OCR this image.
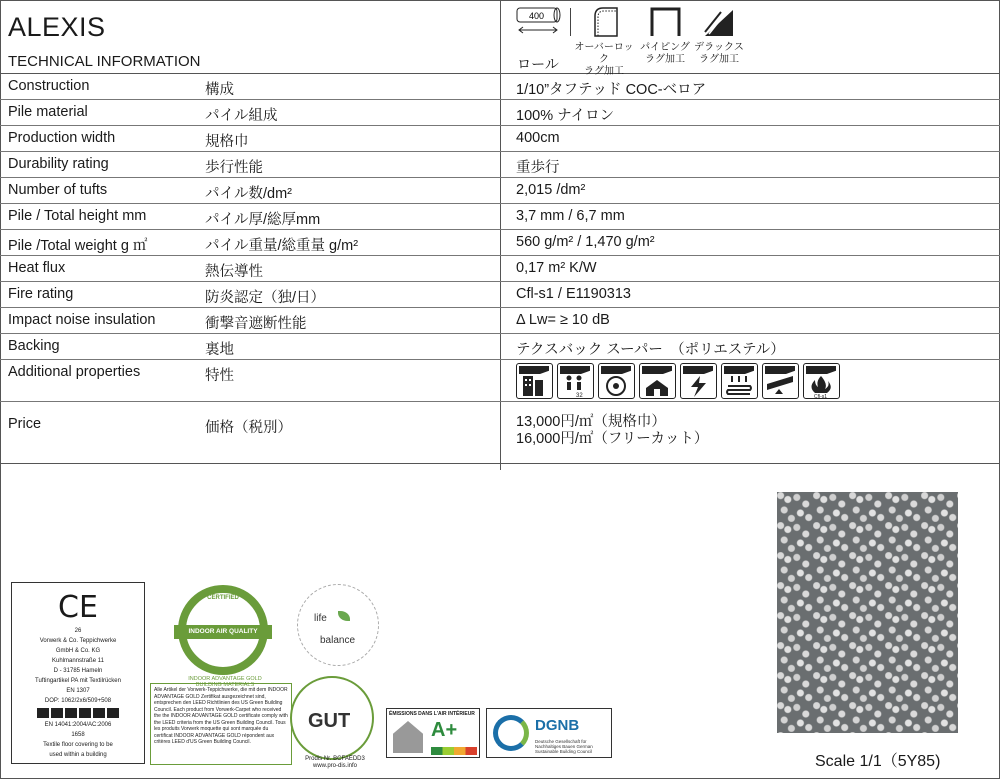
ALEXIS
TECHNICAL INFORMATION
400
ロール
オーバーロック
ラグ加工
パイピング
ラグ加工
デラックス
ラグ加工
Construction	構成	1/10”タフテッド COC-ベロア
Pile material	パイル組成	100% ナイロン
Production width	規格巾	400cm
Durability rating	歩行性能	重歩行
Number of tufts	パイル数/dm²	2,015 /dm²
Pile / Total height mm	パイル厚/総厚mm	3,7 mm / 6,7 mm
Pile /Total weight g ㎡	パイル重量/総重量 g/m²	560 g/m² / 1,470 g/m²
Heat flux	熱伝導性	0,17 m² K/W
Fire rating	防炎認定（独/日）	Cfl-s1 / E1190313
Impact noise insulation	衝撃音遮断性能	Δ Lw= ≥ 10 dB
Backing	裏地	テクスバック スーパー　（ポリエステル）
Additional properties	特性
32	Cfl-s1
Price	価格（税別）	13,000円/㎡（規格巾）
16,000円/㎡（フリーカット）
Scale 1/1（5Y85)
CE

26

Vorwerk & Co. Teppichwerke

GmbH & Co. KG

Kuhlmannstraße 11

D - 31785 Hameln

Tuftingartikel PA mit Textilrücken

EN 1307

DOP: 1062/2x6/509+508

EN 14041:2004/AC:2006

1658

Textile floor covering to be

used within a building

CERTIFIED
INDOOR AIR QUALITY
INDOOR ADVANTAGE GOLD
BUILDING MATERIALS
Alle Artikel der Vorwerk-Teppichwerke, die mit dem INDOOR ADVANTAGE GOLD Zertifikat ausgezeichnet sind, entsprechen den LEED Richtlinien des US Green Building Council. Each product from Vorwerk-Carpet who received the the INDOOR ADVANTAGE GOLD certificate comply with the LEED criteria from the US Green Building Council. Tous les produits Vorwerk moquette qui sont marquée du certificat INDOOR ADVANTAGE GOLD répondent aux critères LEED d'US Green Building Council.
life
balance
GUT
Prodis Nr. BCFAEDD3
www.pro-dis.info
ÉMISSIONS DANS L'AIR INTÉRIEUR
A+	DGNB
Deutsche Gesellschaft für Nachhaltiges Bauen German Sustainable Building Council
